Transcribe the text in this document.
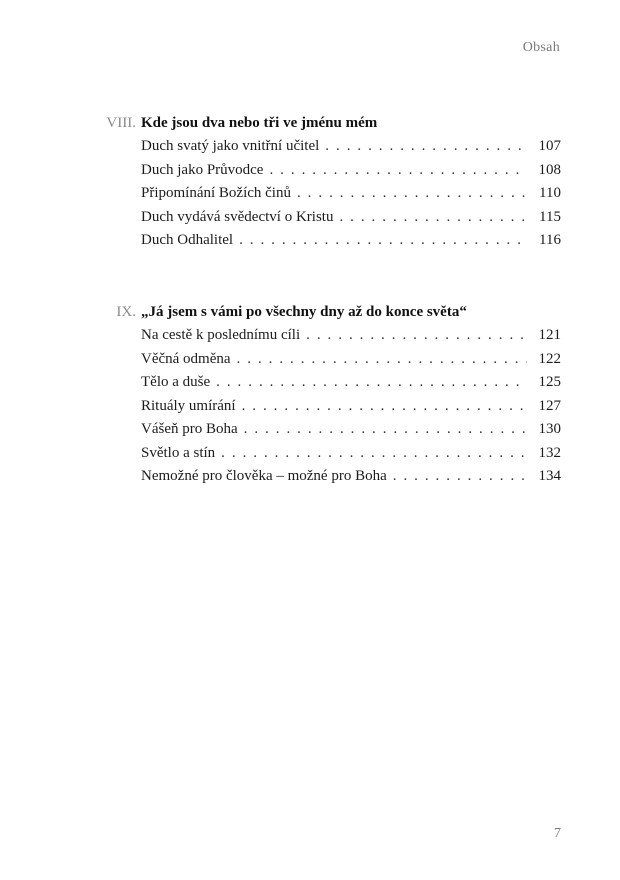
Obsah
VIII. Kde jsou dva nebo tři ve jménu mém
Duch svatý jako vnitřní učitel . . .	107
Duch jako Průvodce . . .	108
Připomínání Božích činů . . .	110
Duch vydává svědectví o Kristu . . .	115
Duch Odhalitel . . .	116
IX. „Já jsem s vámi po všechny dny až do konce světa“
Na cestě k poslednímu cíli . . .	121
Věčná odměna . . .	122
Tělo a duše . . .	125
Rituály umírání . . .	127
Vášeň pro Boha . . .	130
Světlo a stín . . .	132
Nemožné pro člověka – možné pro Boha . . .	134
7
